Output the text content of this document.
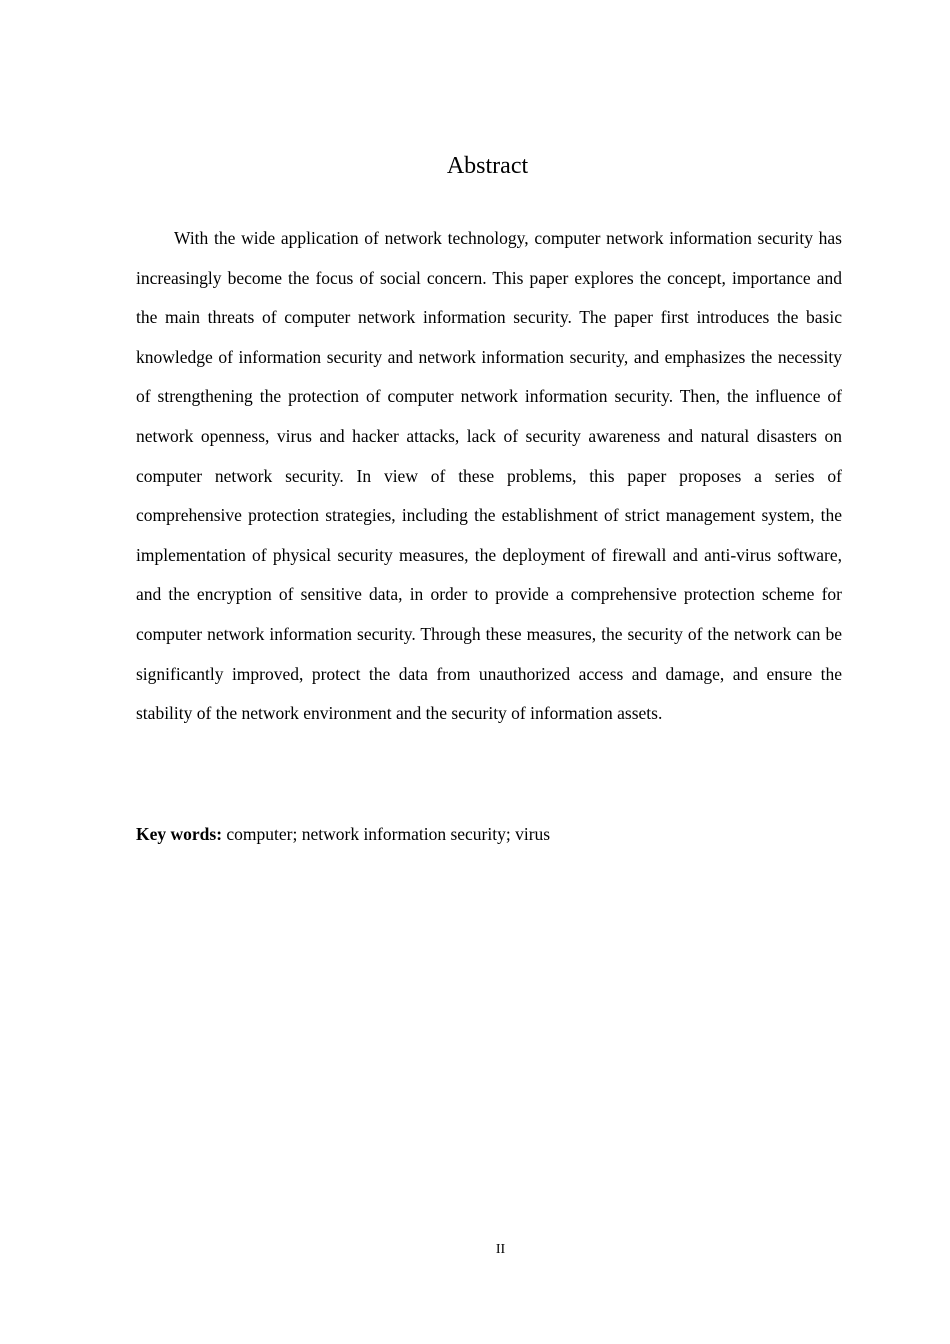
Abstract

With the wide application of network technology, computer network information security has increasingly become the focus of social concern. This paper explores the concept, importance and the main threats of computer network information security. The paper first introduces the basic knowledge of information security and network information security, and emphasizes the necessity of strengthening the protection of computer network information security. Then, the influence of network openness, virus and hacker attacks, lack of security awareness and natural disasters on computer network security. In view of these problems, this paper proposes a series of comprehensive protection strategies, including the establishment of strict management system, the implementation of physical security measures, the deployment of firewall and anti-virus software, and the encryption of sensitive data, in order to provide a comprehensive protection scheme for computer network information security. Through these measures, the security of the network can be significantly improved, protect the data from unauthorized access and damage, and ensure the stability of the network environment and the security of information assets.

Key words: computer; network information security; virus

II
